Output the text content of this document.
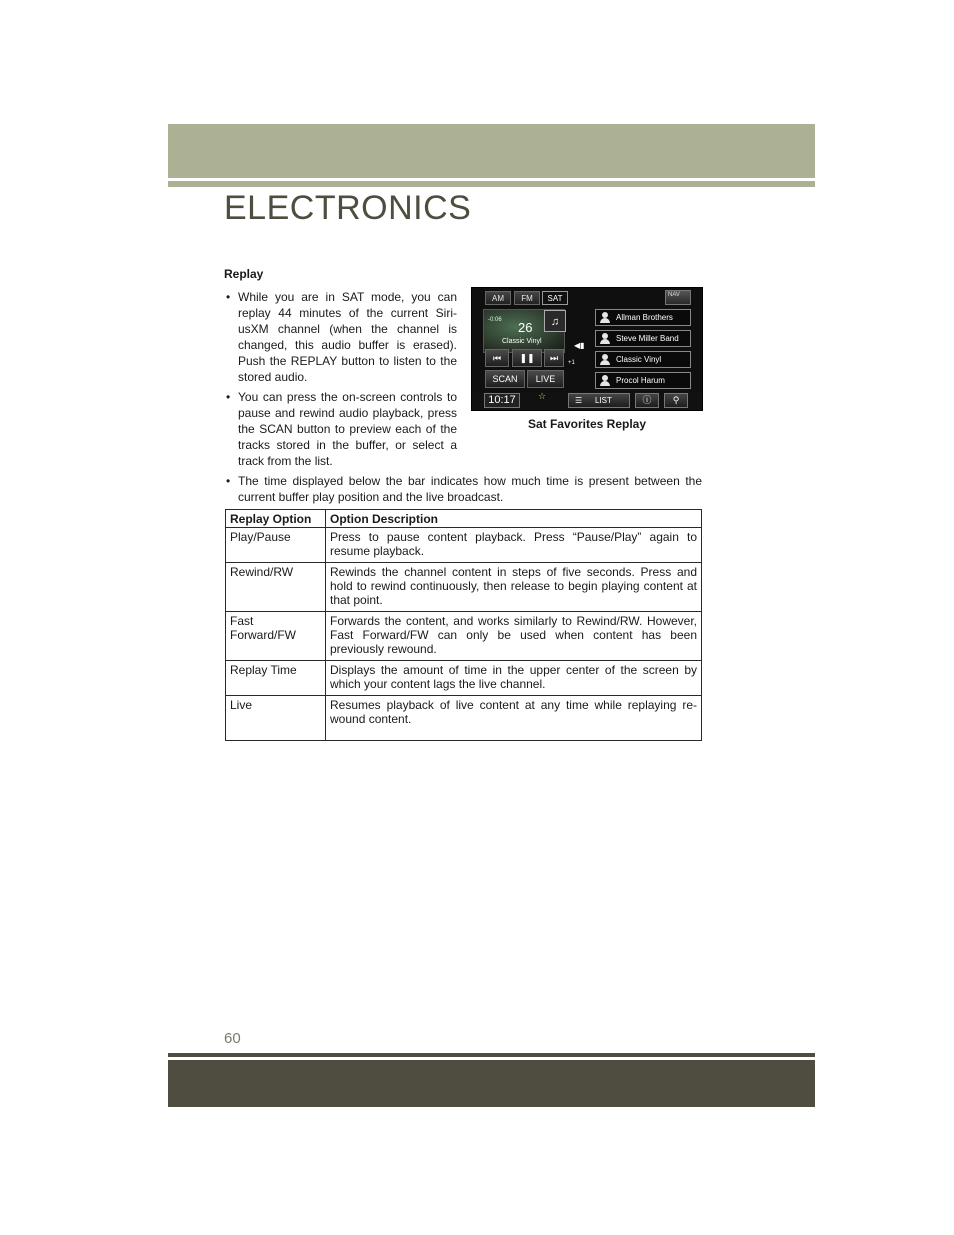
ELECTRONICS
Replay
• While you are in SAT mode, you can replay 44 minutes of the current Siri-usXM channel (when the channel is changed, this audio buffer is erased). Push the REPLAY button to listen to the stored audio.
• You can press the on-screen controls to pause and rewind audio playback, press the SCAN button to preview each of the tracks stored in the buffer, or select a track from the list.
• The time displayed below the bar indicates how much time is present between the current buffer play position and the live broadcast.
AM	FM	SAT	NAV
-0:06 26
Classic Vinyl
♫
⏮	❚❚	⏭
SCAN	LIVE
◀▮
+1
Allman Brothers
Steve Miller Band
Classic Vinyl
Procol Harum
10:17	☆	☰ LIST	ⓘ	⚲

Sat Favorites Replay

Replay Option	Option Description
Play/Pause	Press to pause content playback. Press “Pause/Play” again to resume playback.
Rewind/RW	Rewinds the channel content in steps of five seconds. Press and hold to rewind continuously, then release to begin playing content at that point.
Fast Forward/FW	Forwards the content, and works similarly to Rewind/RW. However, Fast Forward/FW can only be used when content has been previously rewound.
Replay Time	Displays the amount of time in the upper center of the screen by which your content lags the live channel.
Live	Resumes playback of live content at any time while replaying re-wound content.

60
